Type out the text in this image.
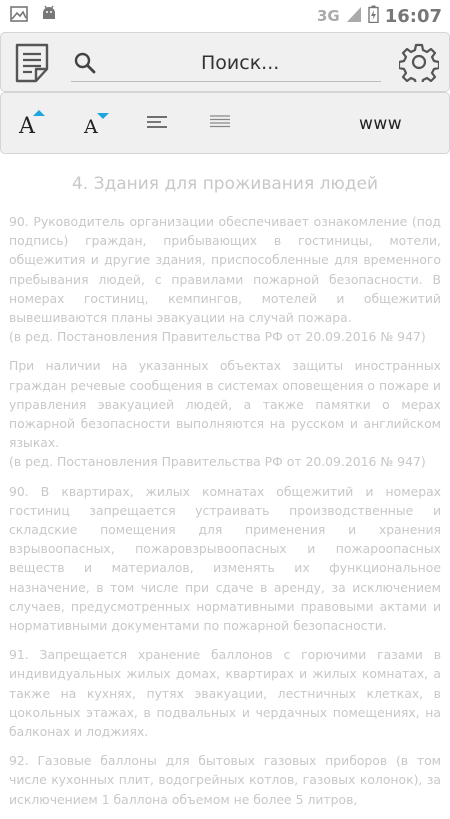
3G	16:07
Поиск...
A	A	www
4. Здания для проживания людей

90. Руководитель организации обеспечивает ознакомление (под подпись) граждан, прибывающих в гостиницы, мотели, общежития и другие здания, приспособленные для временного пребывания людей, с правилами пожарной безопасности. В номерах гостиниц, кемпингов, мотелей и общежитий вывешиваются планы эвакуации на случай пожара.

(в ред. Постановления Правительства РФ от 20.09.2016 № 947)

При наличии на указанных объектах защиты иностранных граждан речевые сообщения в системах оповещения о пожаре и управления эвакуацией людей, а также памятки о мерах пожарной безопасности выполняются на русском и английском языках.

(в ред. Постановления Правительства РФ от 20.09.2016 № 947)

90. В квартирах, жилых комнатах общежитий и номерах гостиниц запрещается устраивать производственные и складские помещения для применения и хранения взрывоопасных, пожаровзрывоопасных и пожароопасных веществ и материалов, изменять их функциональное назначение, в том числе при сдаче в аренду, за исключением случаев, предусмотренных нормативными правовыми актами и нормативными документами по пожарной безопасности.

91. Запрещается хранение баллонов с горючими газами в индивидуальных жилых домах, квартирах и жилых комнатах, а также на кухнях, путях эвакуации, лестничных клетках, в цокольных этажах, в подвальных и чердачных помещениях, на балконах и лоджиях.

92. Газовые баллоны для бытовых газовых приборов (в том числе кухонных плит, водогрейных котлов, газовых колонок), за исключением 1 баллона объемом не более 5 литров,
